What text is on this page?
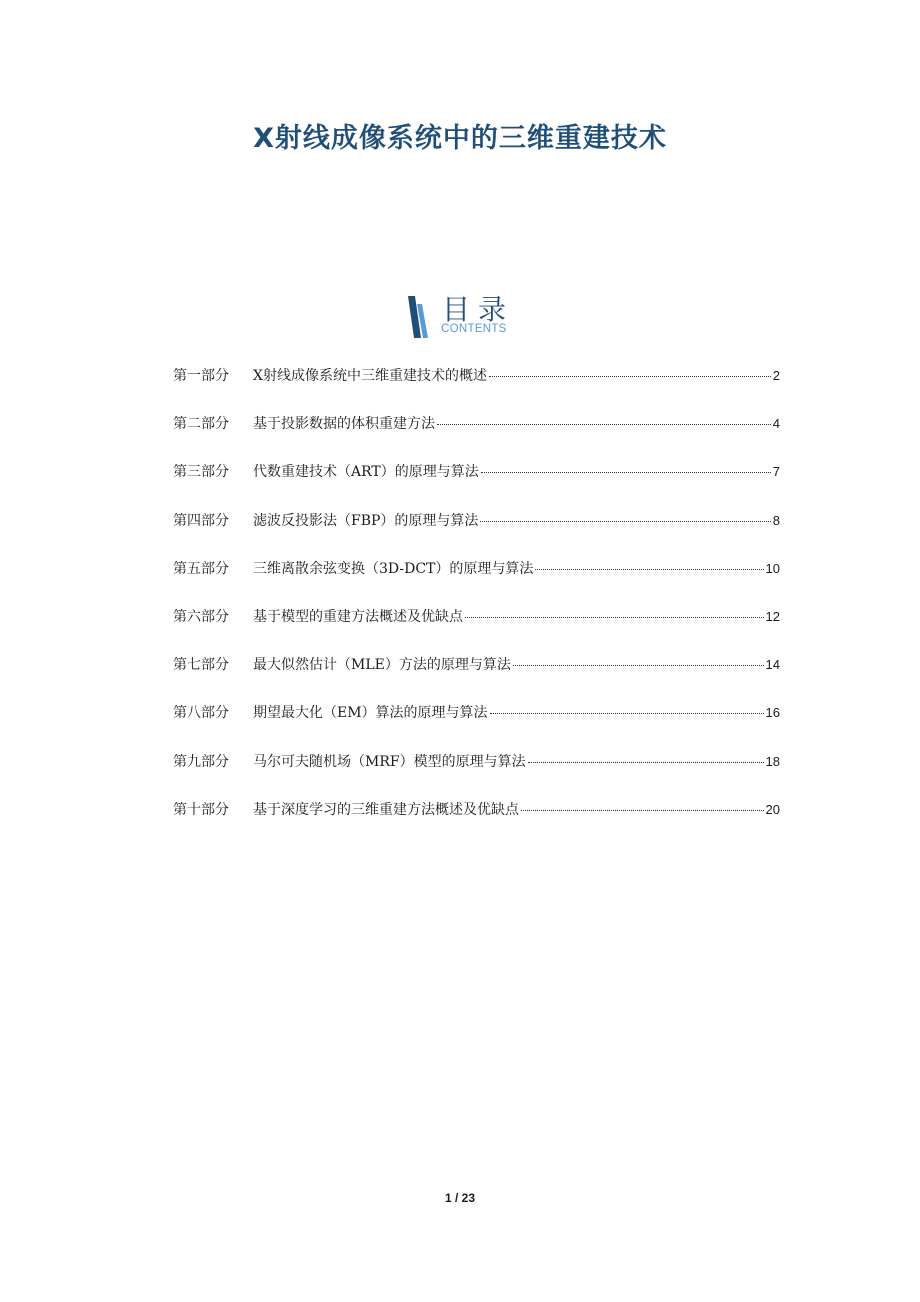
X射线成像系统中的三维重建技术
目录
CONTENTS
第一部分	X射线成像系统中三维重建技术的概述	2
第二部分	基于投影数据的体积重建方法	4
第三部分	代数重建技术（ART）的原理与算法	7
第四部分	滤波反投影法（FBP）的原理与算法	8
第五部分	三维离散余弦变换（3D-DCT）的原理与算法	10
第六部分	基于模型的重建方法概述及优缺点	12
第七部分	最大似然估计（MLE）方法的原理与算法	14
第八部分	期望最大化（EM）算法的原理与算法	16
第九部分	马尔可夫随机场（MRF）模型的原理与算法	18
第十部分	基于深度学习的三维重建方法概述及优缺点	20
1 / 23
